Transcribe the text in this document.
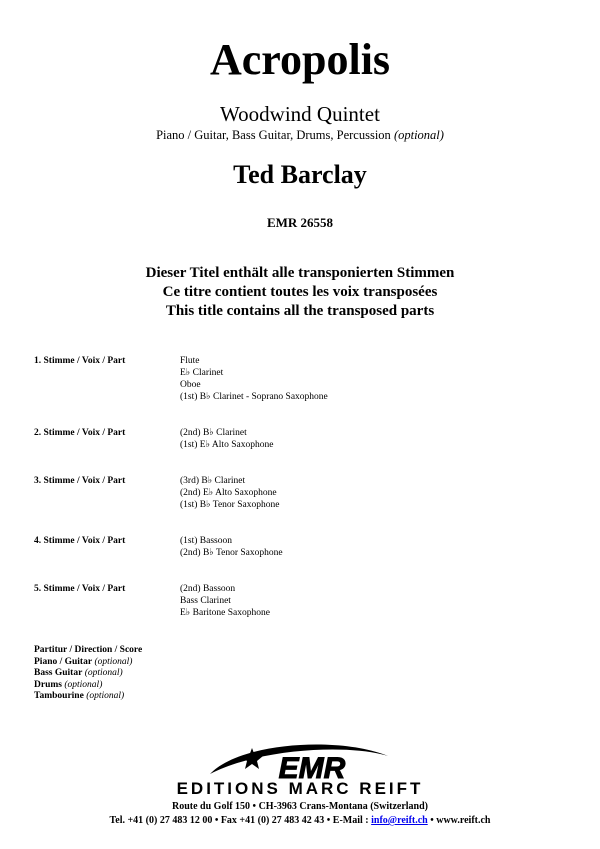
Acropolis
Woodwind Quintet
Piano / Guitar, Bass Guitar, Drums, Percussion (optional)
Ted Barclay
EMR 26558
Dieser Titel enthält alle transponierten Stimmen
Ce titre contient toutes les voix transposées
This title contains all the transposed parts
1. Stimme / Voix / Part	Flute
E♭ Clarinet
Oboe
(1st) B♭ Clarinet - Soprano Saxophone
2. Stimme / Voix / Part	(2nd) B♭ Clarinet
(1st) E♭ Alto Saxophone
3. Stimme / Voix / Part	(3rd) B♭ Clarinet
(2nd) E♭ Alto Saxophone
(1st) B♭ Tenor Saxophone
4. Stimme / Voix / Part	(1st) Bassoon
(2nd) B♭ Tenor Saxophone
5. Stimme / Voix / Part	(2nd) Bassoon
Bass Clarinet
E♭ Baritone Saxophone
Partitur / Direction / Score
Piano / Guitar (optional)
Bass Guitar (optional)
Drums (optional)
Tambourine (optional)
EMR
EDITIONS MARC REIFT
Route du Golf 150 • CH-3963 Crans-Montana (Switzerland)
Tel. +41 (0) 27 483 12 00 • Fax +41 (0) 27 483 42 43 • E-Mail : info@reift.ch • www.reift.ch
